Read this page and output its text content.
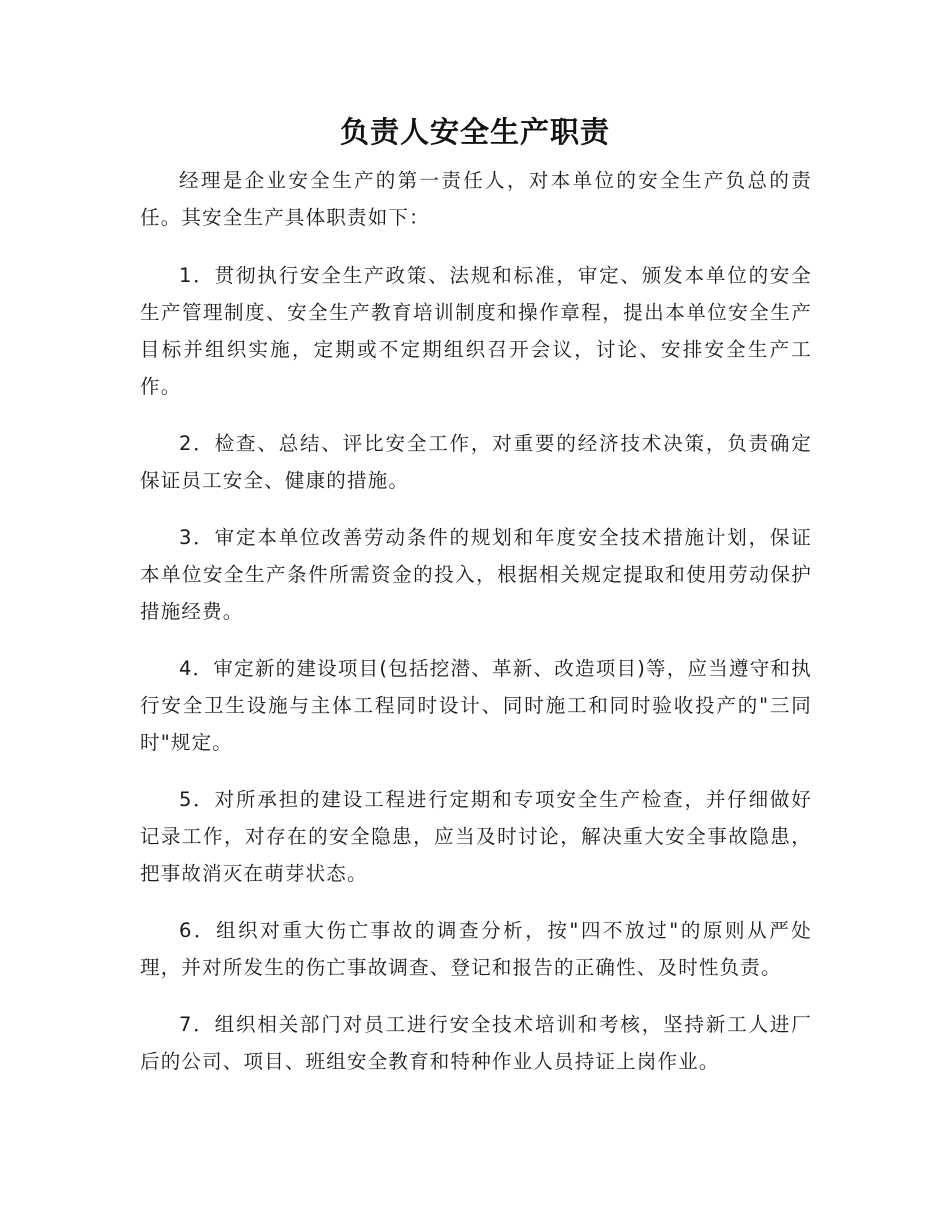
负责人安全生产职责

经理是企业安全生产的第一责任人，对本单位的安全生产负总的责任。其安全生产具体职责如下：

1．贯彻执行安全生产政策、法规和标准，审定、颁发本单位的安全生产管理制度、安全生产教育培训制度和操作章程，提出本单位安全生产目标并组织实施，定期或不定期组织召开会议，讨论、安排安全生产工作。

2．检查、总结、评比安全工作，对重要的经济技术决策，负责确定保证员工安全、健康的措施。

3．审定本单位改善劳动条件的规划和年度安全技术措施计划，保证本单位安全生产条件所需资金的投入，根据相关规定提取和使用劳动保护措施经费。

4．审定新的建设项目(包括挖潜、革新、改造项目)等，应当遵守和执行安全卫生设施与主体工程同时设计、同时施工和同时验收投产的"三同时"规定。

5．对所承担的建设工程进行定期和专项安全生产检查，并仔细做好记录工作，对存在的安全隐患，应当及时讨论，解决重大安全事故隐患，把事故消灭在萌芽状态。

6．组织对重大伤亡事故的调查分析，按"四不放过"的原则从严处理，并对所发生的伤亡事故调查、登记和报告的正确性、及时性负责。

7．组织相关部门对员工进行安全技术培训和考核，坚持新工人进厂后的公司、项目、班组安全教育和特种作业人员持证上岗作业。
